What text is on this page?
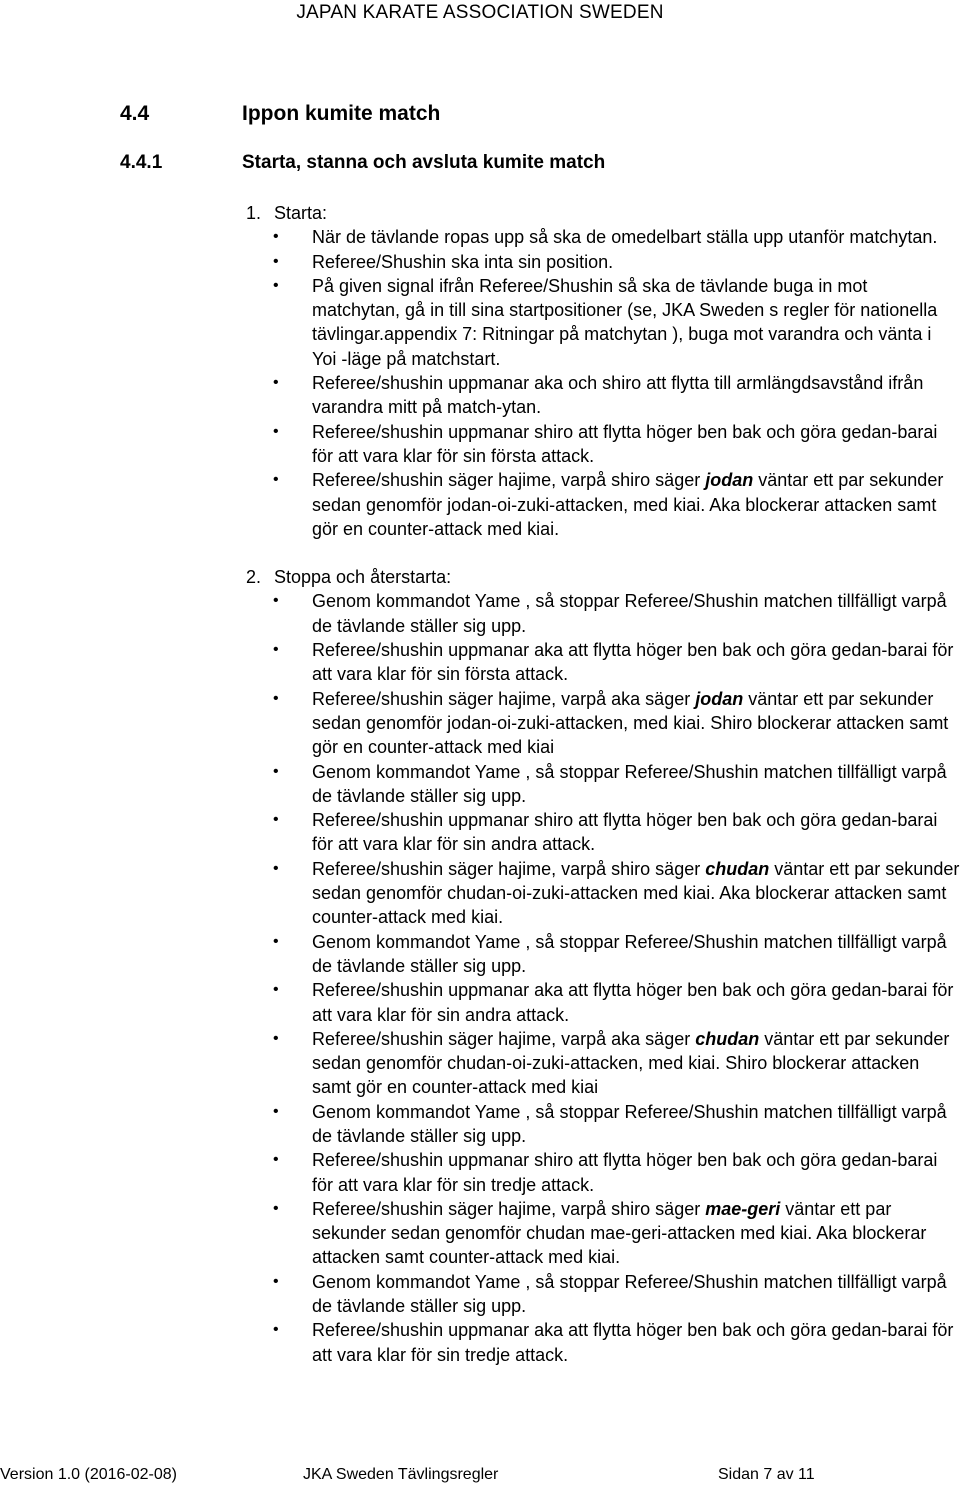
JAPAN KARATE ASSOCIATION SWEDEN
4.4	Ippon kumite match
4.4.1	Starta, stanna och avsluta kumite match
1. Starta:
• När de tävlande ropas upp så ska de omedelbart ställa upp utanför matchytan.
• Referee/Shushin ska inta sin position.
• På given signal ifrån Referee/Shushin så ska de tävlande buga in mot matchytan, gå in till sina startpositioner (se, JKA Sweden s regler för nationella tävlingar.appendix 7: Ritningar på matchytan ), buga mot varandra och vänta i Yoi -läge på matchstart.
• Referee/shushin uppmanar aka och shiro att flytta till armlängdsavstånd ifrån varandra mitt på match-ytan.
• Referee/shushin uppmanar shiro att flytta höger ben bak och göra gedan-barai för att vara klar för sin första attack.
• Referee/shushin säger hajime, varpå shiro säger jodan väntar ett par sekunder sedan genomför jodan-oi-zuki-attacken, med kiai. Aka blockerar attacken samt gör en counter-attack med kiai.
2. Stoppa och återstarta:
• Genom kommandot Yame , så stoppar Referee/Shushin matchen tillfälligt varpå de tävlande ställer sig upp.
• Referee/shushin uppmanar aka att flytta höger ben bak och göra gedan-barai för att vara klar för sin första attack.
• Referee/shushin säger hajime, varpå aka säger jodan väntar ett par sekunder sedan genomför jodan-oi-zuki-attacken, med kiai. Shiro blockerar attacken samt gör en counter-attack med kiai
• Genom kommandot Yame , så stoppar Referee/Shushin matchen tillfälligt varpå de tävlande ställer sig upp.
• Referee/shushin uppmanar shiro att flytta höger ben bak och göra gedan-barai för att vara klar för sin andra attack.
• Referee/shushin säger hajime, varpå shiro säger chudan väntar ett par sekunder sedan genomför chudan-oi-zuki-attacken med kiai. Aka blockerar attacken samt counter-attack med kiai.
• Genom kommandot Yame , så stoppar Referee/Shushin matchen tillfälligt varpå de tävlande ställer sig upp.
• Referee/shushin uppmanar aka att flytta höger ben bak och göra gedan-barai för att vara klar för sin andra attack.
• Referee/shushin säger hajime, varpå aka säger chudan väntar ett par sekunder sedan genomför chudan-oi-zuki-attacken, med kiai. Shiro blockerar attacken samt gör en counter-attack med kiai
• Genom kommandot Yame , så stoppar Referee/Shushin matchen tillfälligt varpå de tävlande ställer sig upp.
• Referee/shushin uppmanar shiro att flytta höger ben bak och göra gedan-barai för att vara klar för sin tredje attack.
• Referee/shushin säger hajime, varpå shiro säger mae-geri väntar ett par sekunder sedan genomför chudan mae-geri-attacken med kiai. Aka blockerar attacken samt counter-attack med kiai.
• Genom kommandot Yame , så stoppar Referee/Shushin matchen tillfälligt varpå de tävlande ställer sig upp.
• Referee/shushin uppmanar aka att flytta höger ben bak och göra gedan-barai för att vara klar för sin tredje attack.
Version 1.0 (2016-02-08)	JKA Sweden Tävlingsregler	Sidan 7 av 11
